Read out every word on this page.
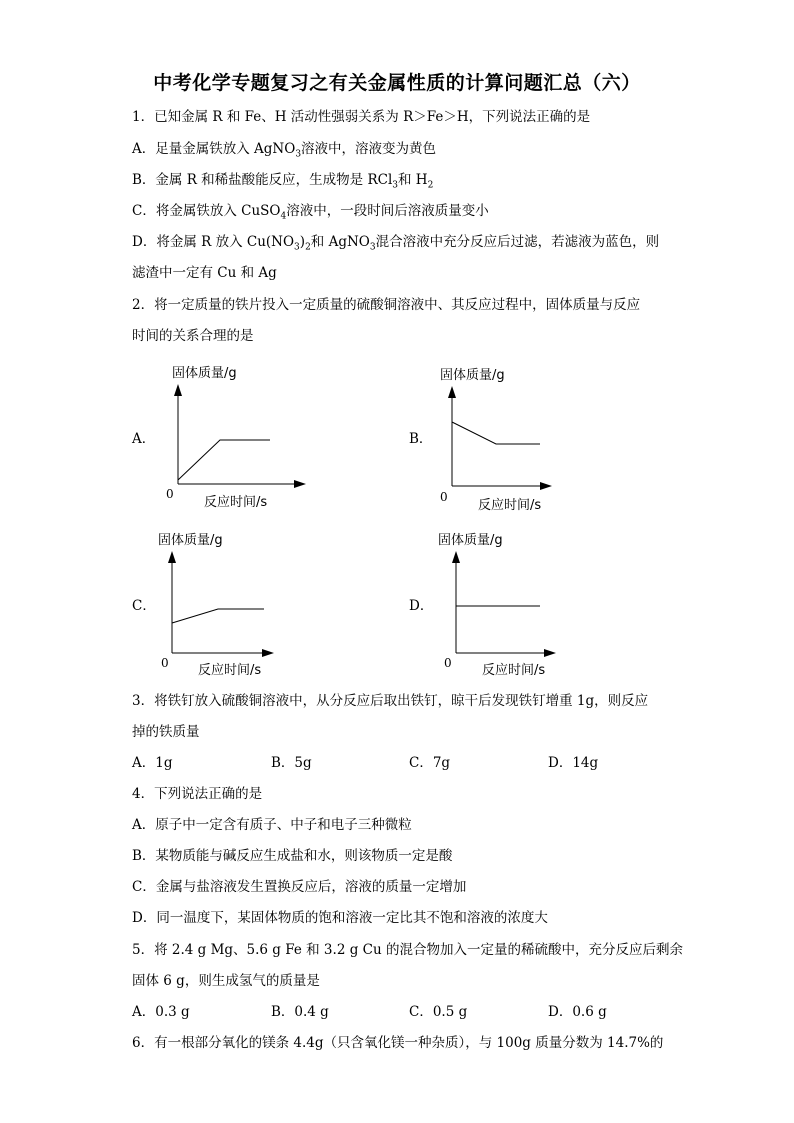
中考化学专题复习之有关金属性质的计算问题汇总（六）
1．已知金属 R 和 Fe、H 活动性强弱关系为 R＞Fe＞H，下列说法正确的是
A．足量金属铁放入 AgNO$_3$溶液中，溶液变为黄色
B．金属 R 和稀盐酸能反应，生成物是 RCl$_3$和 $H_2$
C．将金属铁放入 CuSO$_4$溶液中，一段时间后溶液质量变小
D．将金属 R 放入 $Cu(NO_3)_2$和 AgNO$_3$混合溶液中充分反应后过滤，若滤液为蓝色，则
滤渣中一定有 Cu 和 Ag
2．将一定质量的铁片投入一定质量的硫酸铜溶液中、其反应过程中，固体质量与反应
时间的关系合理的是
A．
固体质量/g
0
反应时间/s
B．
固体质量/g
0
反应时间/s
C．
固体质量/g
0 反应时间/s
D．
固体质量/g
0 反应时间/s
3．将铁钉放入硫酸铜溶液中，从分反应后取出铁钉，晾干后发现铁钉增重 1g，则反应
掉的铁质量
A．1g	B．5g	C．7g	D．14g
4．下列说法正确的是
A．原子中一定含有质子、中子和电子三种微粒
B．某物质能与碱反应生成盐和水，则该物质一定是酸
C．金属与盐溶液发生置换反应后，溶液的质量一定增加
D．同一温度下，某固体物质的饱和溶液一定比其不饱和溶液的浓度大
5．将 2.4 g Mg、5.6 g Fe 和 3.2 g Cu 的混合物加入一定量的稀硫酸中，充分反应后剩余
固体 6 g，则生成氢气的质量是
A．0.3 g	B．0.4 g	C．0.5 g	D．0.6 g
6．有一根部分氧化的镁条 4.4g（只含氧化镁一种杂质），与 100g 质量分数为 14.7%的
